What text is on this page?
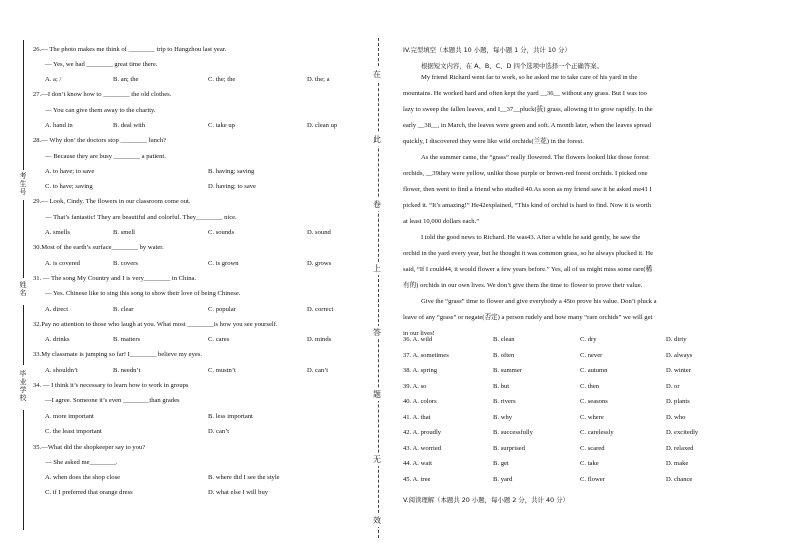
26.— The photo makes me think of ________ trip to Hangzhou last year.
— Yes, we had ________ great time there.
A. a; /	B. an; the	C. the; the	D. the; a
27.—I don’t know how to ________ the old clothes.
— You can give them away to the charity.
A. hand in	B. deal with	C. take up	D. clean up
28.— Why don’ the doctors stop ________ lunch?
— Because they are busy ________ a patient.
A. to have; to save	B. having; saving
C. to have; saving	D. having; to save
29.— Look, Cindy. The flowers in our classroom come out.
— That’s fantastic! They are beautiful and colorful. They________ nice.
A. smells	B. smell	C. sounds	D. sound
30.Most of the earth’s surface________ by water.
A. is covered	B. covers	C. is grown	D. grows
31. — The song My Country and I is very________ in China.
— Yes. Chinese like to sing this song to show their love of being Chinese.
A. direct	B. clear	C. popular	D. correct
32.Pay no attention to those who laugh at you. What most ________is how you see yourself.
A. drinks	B. matters	C. cares	D. minds
33.My classmate is jumping so far! I________ believe my eyes.
A. shouldn’t	B. needn’t	C. mustn’t	D. can’t
34. — I think it’s necessary to learn how to work in groups
—I agree. Someone it’s even ________than grades
A. more important	B. less important
C. the least important	D. can’t
35.—What did the shopkeeper say to you?
— She asked me________.
A. when does the shop close	B. where did I see the style
C. if I preferred that orange dress	D. what else I will buy
考生号
姓名
毕业学校
在
此
卷
上
答
题
无
效
IV.完型填空（本题共 10 小题，每小题 1 分，共计 10 分）
根据短文内容，在 A、B、C、D 四个选项中选择一个正确答案。
My friend Richard went far to work, so he asked me to take care of his yard in the
mountains. He worked hard and often kept the yard __36__ without any grass. But I was too
lazy to sweep the fallen leaves, and I__37__pluck(拔) grass, allowing it to grow rapidly. In the
early __38__, in March, the leaves were green and soft. A month later, when the leaves spread
quickly, I discovered they were like wild orchids(兰花) in the forest.
As the summer came, the “grass” really flowered. The flowers looked like those forest
orchids, __39they were yellow, unlike those purple or brown-red forest orchids. I picked one
flower, then went to find a friend who studied 40.As soon as my friend saw it he asked me41 I
picked it. “It’s amazing!” He42explained, “This kind of orchid is hard to find. Now it is worth
at least 10,000 dollars each.”
I told the good news to Richard. He was43. After a while he said gently, he saw the
orchid in the yard every year, but he thought it was common grass, so he always plucked it. He
said, “If I could44, it would flower a few years before.” Yes, all of us might miss some rare(稀
有的) orchids in our own lives. We don’t give them the time to flower to prove their value.
Give the “grass” time to flower and give everybody a 45to prove his value. Don’t pluck a
leave of any “grass” or negate(否定) a person rudely and how many “rare orchids” we will get
in our lives!
36. A. wild	B. clean	C. dry	D. dirty
37. A. sometimes	B. often	C. never	D. always
38. A. spring	B. summer	C. autumn	D. winter
39. A. so	B. but	C. then	D. or
40. A. colors	B. rivers	C. seasons	D. plants
41. A. that	B. why	C. where	D. who
42. A. proudly	B. successfully	C. carelessly	D. excitedly
43. A. worried	B. surprised	C. scared	D. relaxed
44. A. wait	B. get	C. take	D. make
45. A. tree	B. yard	C. flower	D. chance
V.阅读理解（本题共 20 小题，每小题 2 分，共计 40 分）
